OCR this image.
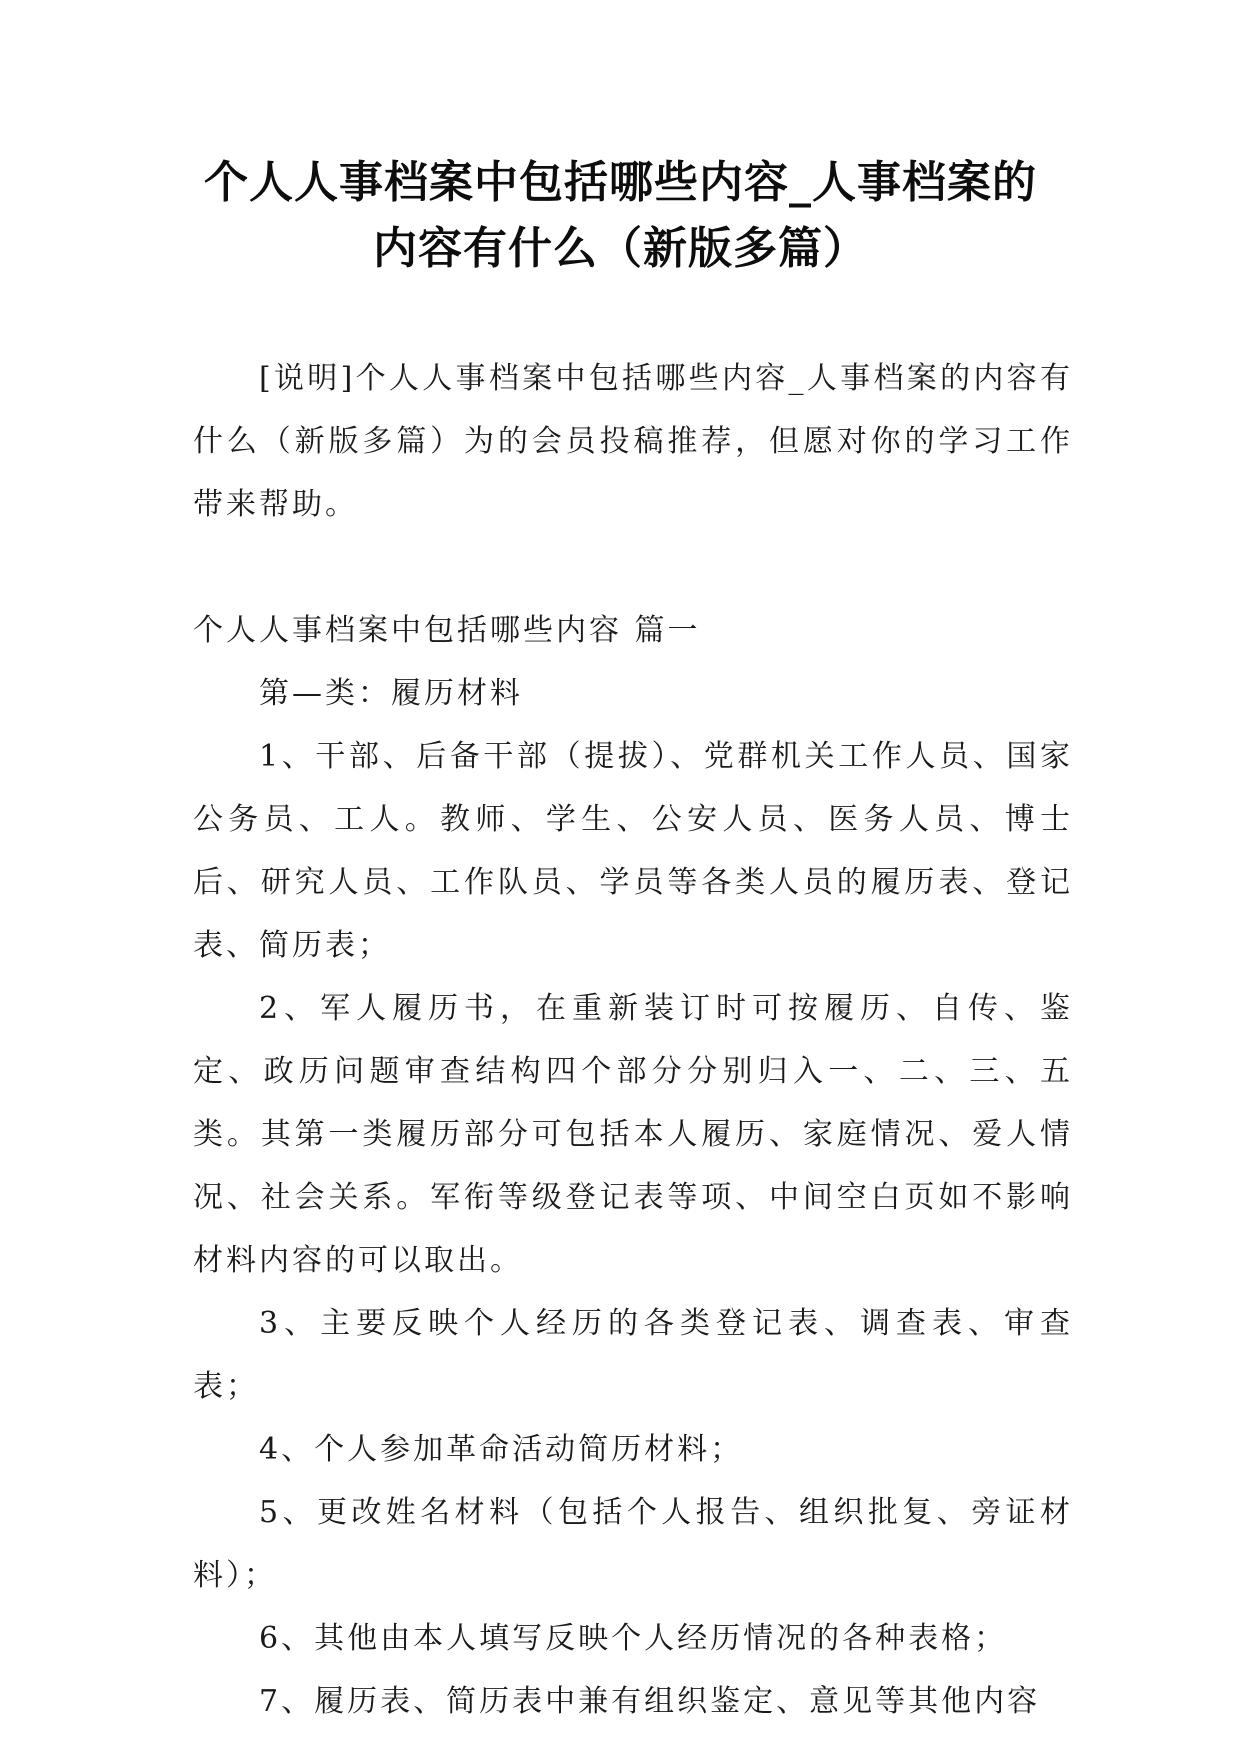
个人人事档案中包括哪些内容_人事档案的
内容有什么（新版多篇）

[说明]个人人事档案中包括哪些内容_人事档案的内容有什么（新版多篇）为的会员投稿推荐，但愿对你的学习工作带来帮助。

个人人事档案中包括哪些内容 篇一

第—类：履历材料

1、干部、后备干部（提拔）、党群机关工作人员、国家公务员、工人。教师、学生、公安人员、医务人员、博士后、研究人员、工作队员、学员等各类人员的履历表、登记表、简历表；

2、军人履历书，在重新装订时可按履历、自传、鉴定、政历问题审查结构四个部分分别归入一、二、三、五类。其第一类履历部分可包括本人履历、家庭情况、爱人情况、社会关系。军衔等级登记表等项、中间空白页如不影响材料内容的可以取出。

3、主要反映个人经历的各类登记表、调查表、审查表；

4、个人参加革命活动简历材料；

5、更改姓名材料（包括个人报告、组织批复、旁证材料）；

6、其他由本人填写反映个人经历情况的各种表格；

7、履历表、简历表中兼有组织鉴定、意见等其他内容
